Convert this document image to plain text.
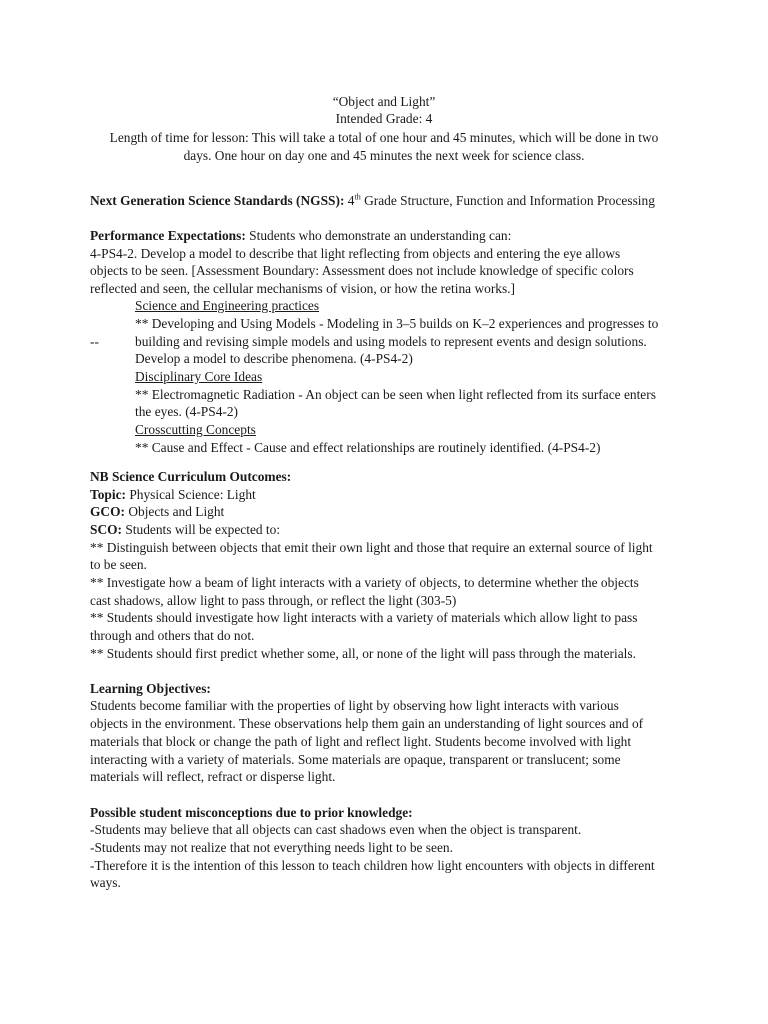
“Object and Light”
Intended Grade: 4
Length of time for lesson: This will take a total of one hour and 45 minutes, which will be done in two
days. One hour on day one and 45 minutes the next week for science class.
Next Generation Science Standards (NGSS): 4th Grade Structure, Function and Information Processing
Performance Expectations: Students who demonstrate an understanding can:
4-PS4-2. Develop a model to describe that light reflecting from objects and entering the eye allows
objects to be seen. [Assessment Boundary: Assessment does not include knowledge of specific colors
reflected and seen, the cellular mechanisms of vision, or how the retina works.]
Science and Engineering practices
** Developing and Using Models - Modeling in 3–5 builds on K–2 experiences and progresses to
--	building and revising simple models and using models to represent events and design solutions.
Develop a model to describe phenomena. (4-PS4-2)
Disciplinary Core Ideas
** Electromagnetic Radiation - An object can be seen when light reflected from its surface enters
the eyes. (4-PS4-2)
Crosscutting Concepts
** Cause and Effect - Cause and effect relationships are routinely identified. (4-PS4-2)
NB Science Curriculum Outcomes:
Topic: Physical Science: Light
GCO: Objects and Light
SCO: Students will be expected to:
** Distinguish between objects that emit their own light and those that require an external source of light
to be seen.
** Investigate how a beam of light interacts with a variety of objects, to determine whether the objects
cast shadows, allow light to pass through, or reflect the light (303-5)
** Students should investigate how light interacts with a variety of materials which allow light to pass
through and others that do not.
** Students should first predict whether some, all, or none of the light will pass through the materials.
Learning Objectives:
Students become familiar with the properties of light by observing how light interacts with various
objects in the environment. These observations help them gain an understanding of light sources and of
materials that block or change the path of light and reflect light. Students become involved with light
interacting with a variety of materials. Some materials are opaque, transparent or translucent; some
materials will reflect, refract or disperse light.
Possible student misconceptions due to prior knowledge:
-Students may believe that all objects can cast shadows even when the object is transparent.
-Students may not realize that not everything needs light to be seen.
-Therefore it is the intention of this lesson to teach children how light encounters with objects in different
ways.
